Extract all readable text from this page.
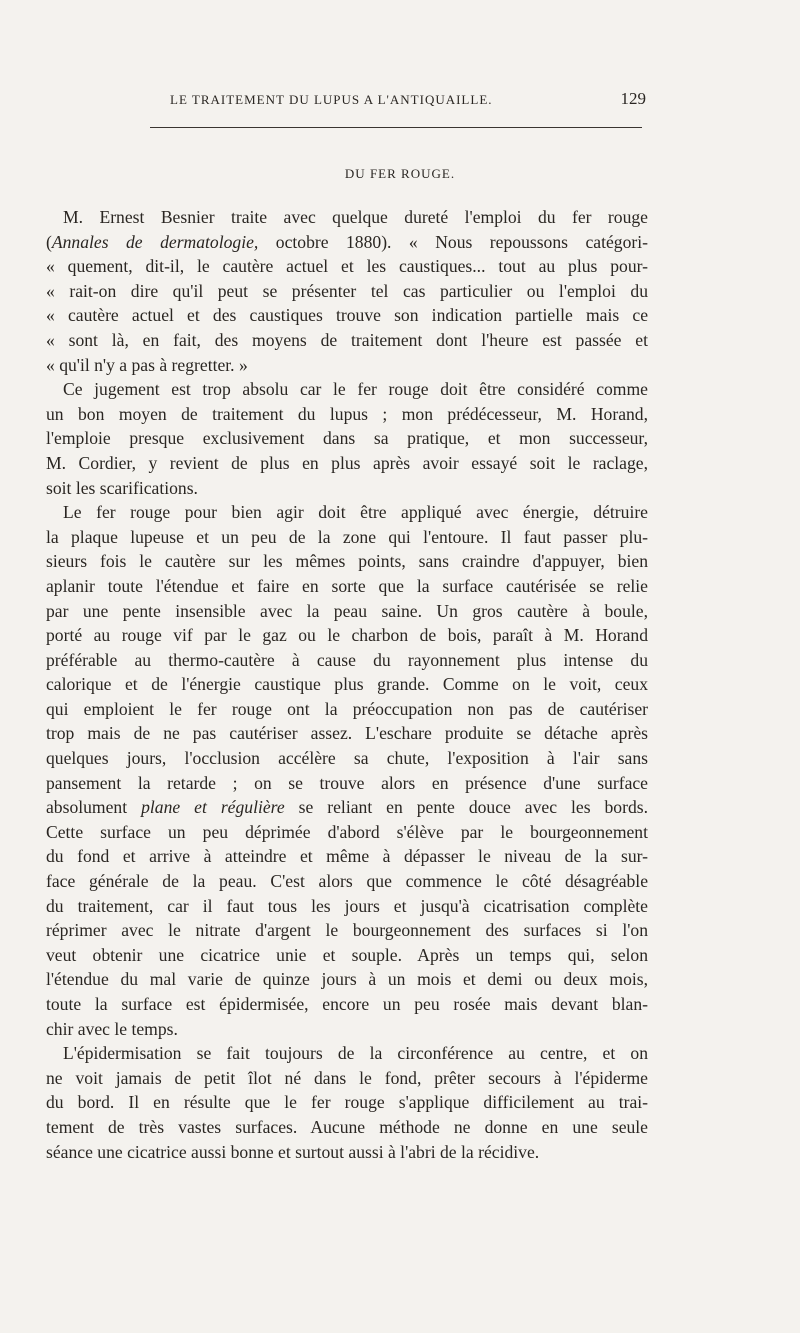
LE TRAITEMENT DU LUPUS A L'ANTIQUAILLE.	129
DU FER ROUGE.

M. Ernest Besnier traite avec quelque dureté l'emploi du fer rouge
(Annales de dermatologie, octobre 1880). « Nous repoussons catégori-
« quement, dit-il, le cautère actuel et les caustiques... tout au plus pour-
« rait-on dire qu'il peut se présenter tel cas particulier ou l'emploi du
« cautère actuel et des caustiques trouve son indication partielle mais ce
« sont là, en fait, des moyens de traitement dont l'heure est passée et
« qu'il n'y a pas à regretter. »

Ce jugement est trop absolu car le fer rouge doit être considéré comme
un bon moyen de traitement du lupus ; mon prédécesseur, M. Horand,
l'emploie presque exclusivement dans sa pratique, et mon successeur,
M. Cordier, y revient de plus en plus après avoir essayé soit le raclage,
soit les scarifications.

Le fer rouge pour bien agir doit être appliqué avec énergie, détruire
la plaque lupeuse et un peu de la zone qui l'entoure. Il faut passer plu-
sieurs fois le cautère sur les mêmes points, sans craindre d'appuyer, bien
aplanir toute l'étendue et faire en sorte que la surface cautérisée se relie
par une pente insensible avec la peau saine. Un gros cautère à boule,
porté au rouge vif par le gaz ou le charbon de bois, paraît à M. Horand
préférable au thermo-cautère à cause du rayonnement plus intense du
calorique et de l'énergie caustique plus grande. Comme on le voit, ceux
qui emploient le fer rouge ont la préoccupation non pas de cautériser
trop mais de ne pas cautériser assez. L'eschare produite se détache après
quelques jours, l'occlusion accélère sa chute, l'exposition à l'air sans
pansement la retarde ; on se trouve alors en présence d'une surface
absolument plane et régulière se reliant en pente douce avec les bords.
Cette surface un peu déprimée d'abord s'élève par le bourgeonnement
du fond et arrive à atteindre et même à dépasser le niveau de la sur-
face générale de la peau. C'est alors que commence le côté désagréable
du traitement, car il faut tous les jours et jusqu'à cicatrisation complète
réprimer avec le nitrate d'argent le bourgeonnement des surfaces si l'on
veut obtenir une cicatrice unie et souple. Après un temps qui, selon
l'étendue du mal varie de quinze jours à un mois et demi ou deux mois,
toute la surface est épidermisée, encore un peu rosée mais devant blan-
chir avec le temps.

L'épidermisation se fait toujours de la circonférence au centre, et on
ne voit jamais de petit îlot né dans le fond, prêter secours à l'épiderme
du bord. Il en résulte que le fer rouge s'applique difficilement au trai-
tement de très vastes surfaces. Aucune méthode ne donne en une seule
séance une cicatrice aussi bonne et surtout aussi à l'abri de la récidive.
